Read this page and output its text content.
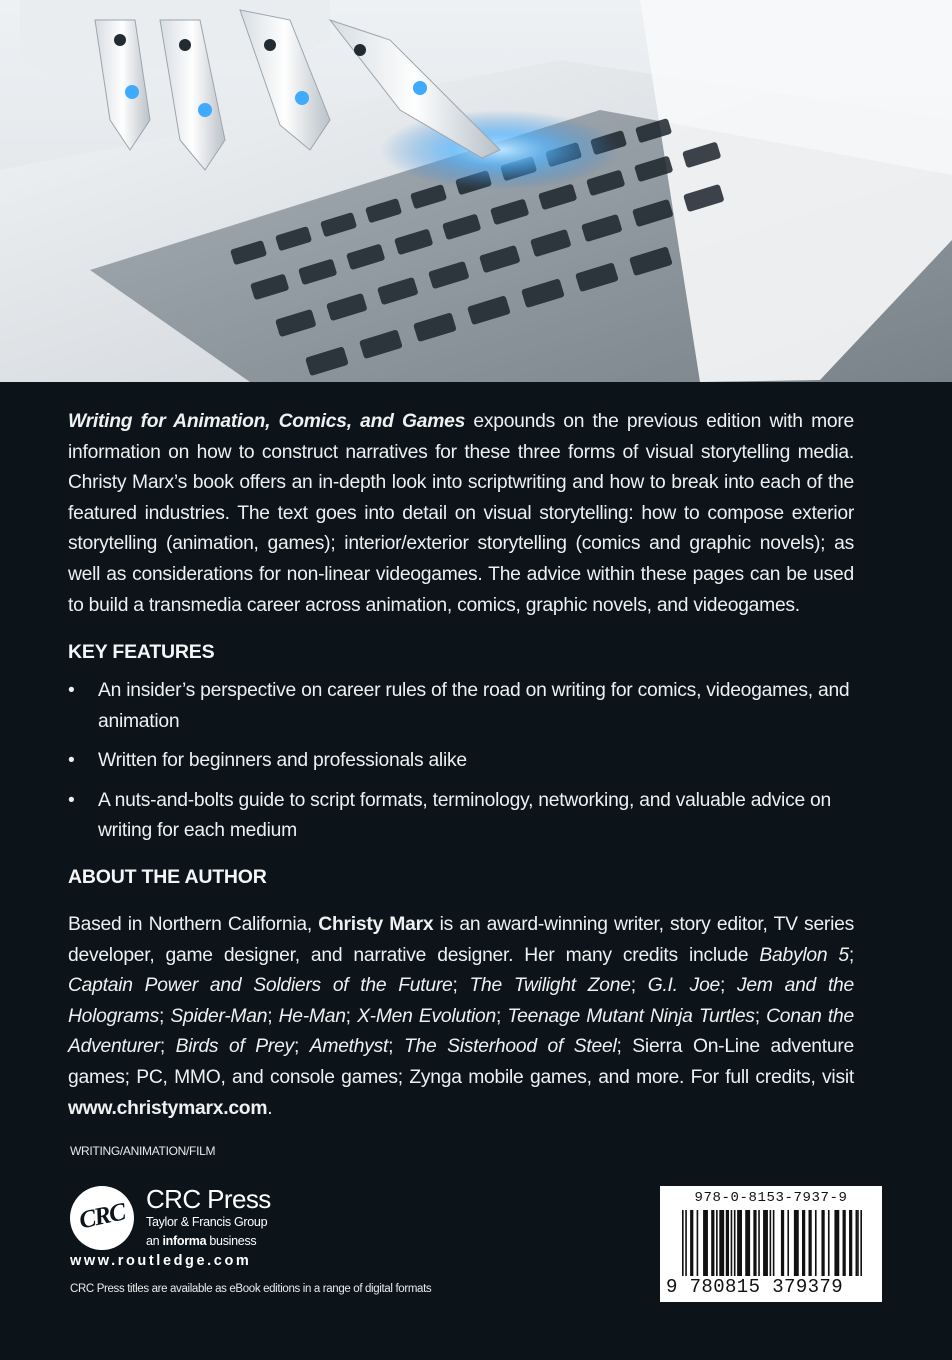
Writing for Animation, Comics, and Games expounds on the previous edition with more information on how to construct narratives for these three forms of visual storytelling media. Christy Marx’s book offers an in-depth look into scriptwriting and how to break into each of the featured industries. The text goes into detail on visual storytelling: how to compose exterior storytelling (animation, games); interior/exterior storytelling (comics and graphic novels); as well as considerations for non-linear videogames. The advice within these pages can be used to build a transmedia career across animation, comics, graphic novels, and videogames.

KEY FEATURES
• An insider’s perspective on career rules of the road on writing for comics, videogames, and animation
• Written for beginners and professionals alike
• A nuts-and-bolts guide to script formats, terminology, networking, and valuable advice on writing for each medium
ABOUT THE AUTHOR

Based in Northern California, Christy Marx is an award-winning writer, story editor, TV series developer, game designer, and narrative designer. Her many credits include Babylon 5; Captain Power and Soldiers of the Future; The Twilight Zone; G.I. Joe; Jem and the Holograms; Spider-Man; He-Man; X-Men Evolution; Teenage Mutant Ninja Turtles; Conan the Adventurer; Birds of Prey; Amethyst; The Sisterhood of Steel; Sierra On-Line adventure games; PC, MMO, and console games; Zynga mobile games, and more. For full credits, visit www.christymarx.com.

WRITING/ANIMATION/FILM
CRC CRC Press
Taylor & Francis Group
an informa business
www.routledge.com
CRC Press titles are available as eBook editions in a range of digital formats
978-0-8153-7937-9
9 780815 379379
